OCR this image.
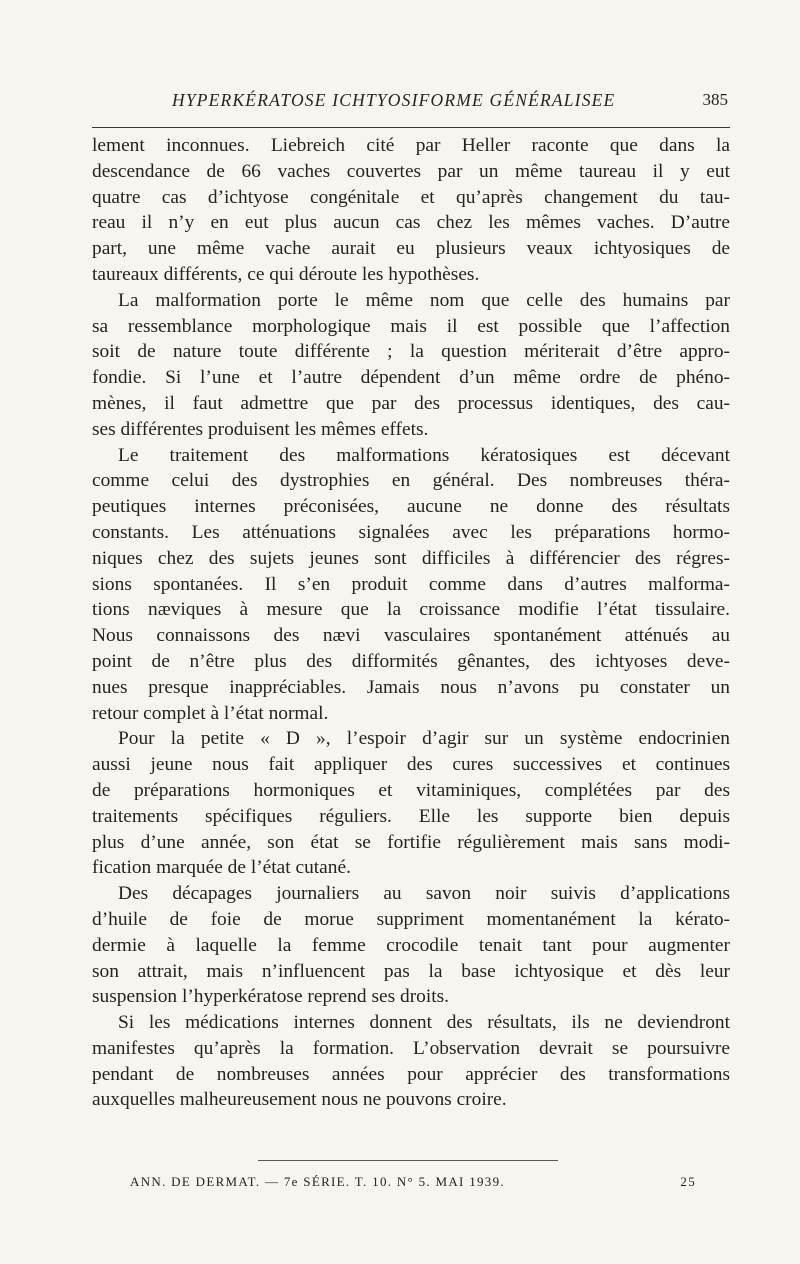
HYPERKÉRATOSE ICHTYOSIFORME GÉNÉRALISEE	385
lement inconnues. Liebreich cité par Heller raconte que dans la
descendance de 66 vaches couvertes par un même taureau il y eut
quatre cas d’ichtyose congénitale et qu’après changement du tau-
reau il n’y en eut plus aucun cas chez les mêmes vaches. D’autre
part, une même vache aurait eu plusieurs veaux ichtyosiques de
taureaux différents, ce qui déroute les hypothèses.
La malformation porte le même nom que celle des humains par
sa ressemblance morphologique mais il est possible que l’affection
soit de nature toute différente ; la question mériterait d’être appro-
fondie. Si l’une et l’autre dépendent d’un même ordre de phéno-
mènes, il faut admettre que par des processus identiques, des cau-
ses différentes produisent les mêmes effets.
Le traitement des malformations kératosiques est décevant
comme celui des dystrophies en général. Des nombreuses théra-
peutiques internes préconisées, aucune ne donne des résultats
constants. Les atténuations signalées avec les préparations hormo-
niques chez des sujets jeunes sont difficiles à différencier des régres-
sions spontanées. Il s’en produit comme dans d’autres malforma-
tions nævіques à mesure que la croissance modifie l’état tissulaire.
Nous connaissons des nævi vasculaires spontanément atténués au
point de n’être plus des difformités gênantes, des ichtyoses deve-
nues presque inappréciables. Jamais nous n’avons pu constater un
retour complet à l’état normal.
Pour la petite « D », l’espoir d’agir sur un système endocrinien
aussi jeune nous fait appliquer des cures successives et continues
de préparations hormoniques et vitaminiques, complétées par des
traitements spécifiques réguliers. Elle les supporte bien depuis
plus d’une année, son état se fortifie régulièrement mais sans modi-
fication marquée de l’état cutané.
Des décapages journaliers au savon noir suivis d’applications
d’huile de foie de morue suppriment momentanément la kérato-
dermie à laquelle la femme crocodile tenait tant pour augmenter
son attrait, mais n’influencent pas la base ichtyosique et dès leur
suspension l’hyperkératose reprend ses droits.
Si les médications internes donnent des résultats, ils ne deviendront
manifestes qu’après la formation. L’observation devrait se poursuivre
pendant de nombreuses années pour apprécier des transformations
auxquelles malheureusement nous ne pouvons croire.
ANN. DE DERMAT. — 7e SÉRIE. T. 10. N° 5. MAI 1939.	25
